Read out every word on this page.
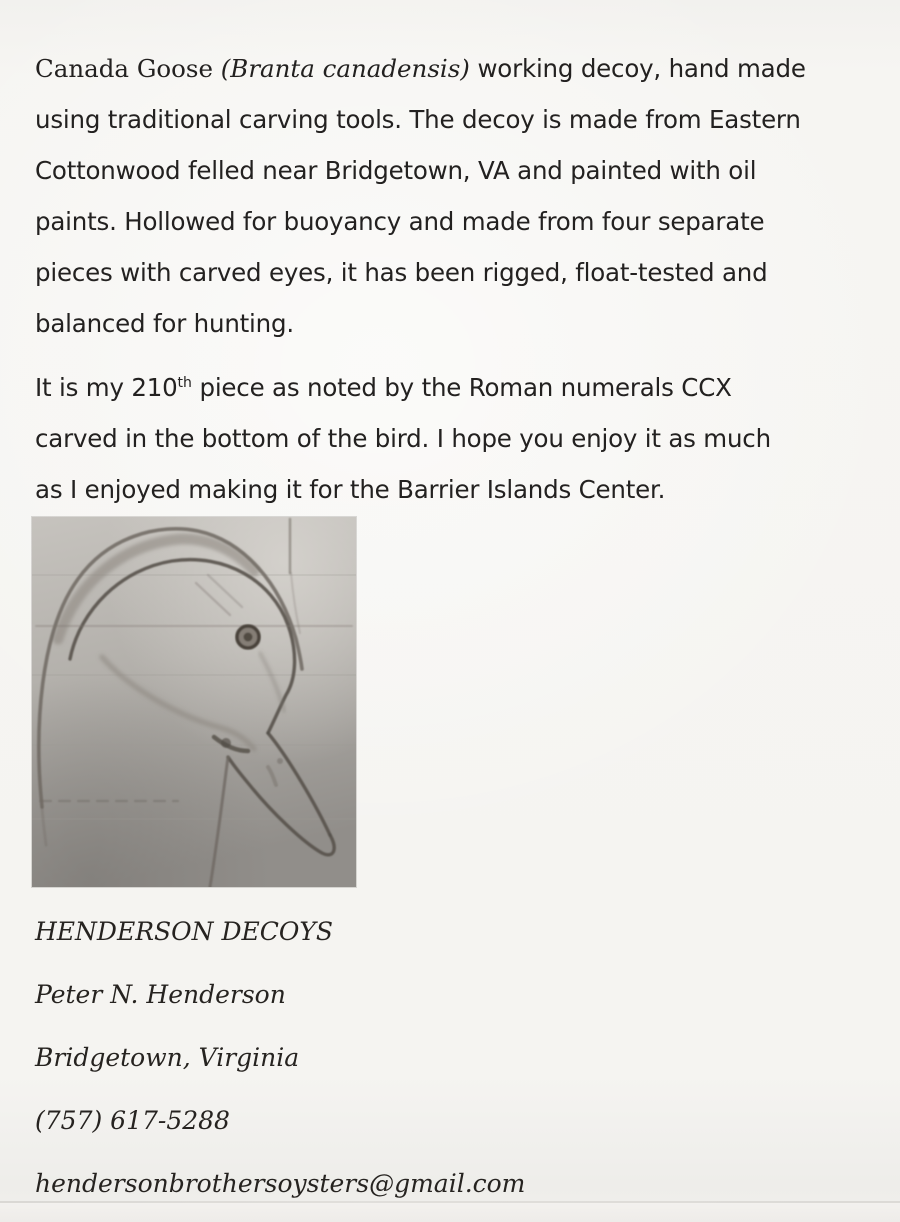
Canada Goose (Branta canadensis) working decoy, hand made
using traditional carving tools. The decoy is made from Eastern
Cottonwood felled near Bridgetown, VA and painted with oil
paints. Hollowed for buoyancy and made from four separate
pieces with carved eyes, it has been rigged, float-tested and
balanced for hunting.
It is my 210th piece as noted by the Roman numerals CCX
carved in the bottom of the bird. I hope you enjoy it as much
as I enjoyed making it for the Barrier Islands Center.
HENDERSON DECOYS
Peter N. Henderson
Bridgetown, Virginia
(757) 617-5288
hendersonbrothersoysters@gmail.com
